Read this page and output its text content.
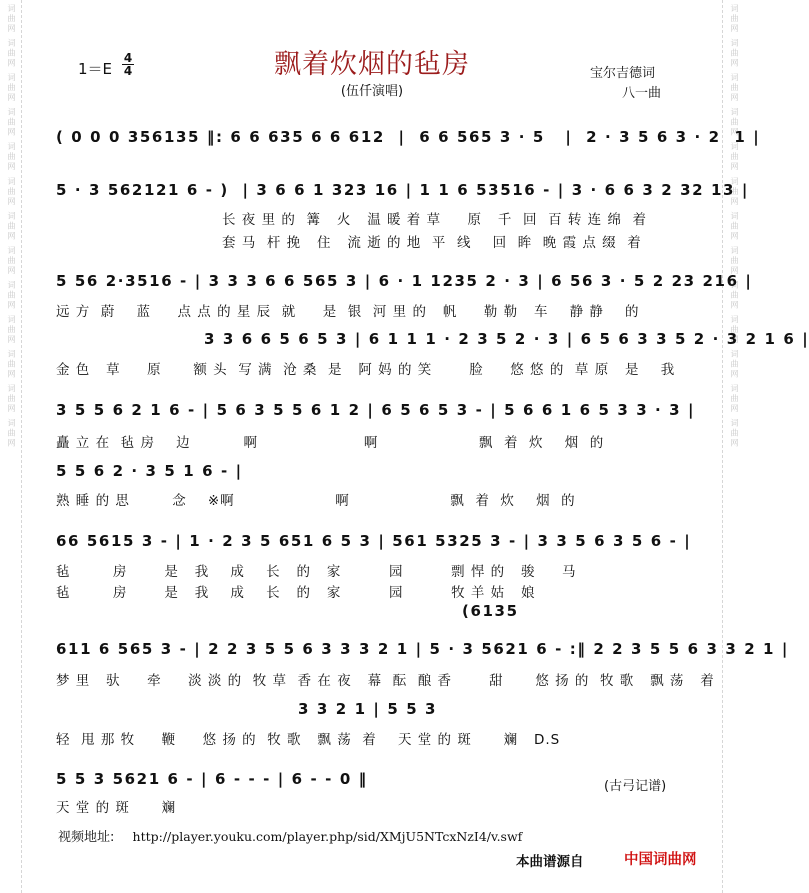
词曲网 词曲网 词曲网 词曲网 词曲网 词曲网 词曲网 词曲网 词曲网 词曲网 词曲网 词曲网 词曲网	词曲网 词曲网 词曲网 词曲网 词曲网 词曲网 词曲网 词曲网 词曲网 词曲网 词曲网 词曲网 词曲网
1＝E
4
4	飘着炊烟的毡房
(伍仟演唱)
宝尔吉德词
八一曲
( 0 0 0 356135 ‖: 6 6 635 6 6 612  |  6 6 565 3 · 5   |  2 · 3 5 6 3 · 2  1 |
5 · 3 562121 6 - )  | 3 6 6 1 323 16 | 1 1 6 53516 - | 3 · 6 6 3 2 32 13 |
长 夜 里 的  篝   火   温 暖 着 草     原   千  回  百 转 连 绵  着
套 马  杆 挽   住   流 逝 的 地  平  线    回  眸  晚 霞 点 缀  着
5 56 2·3516 - | 3 3 3 6 6 565 3 | 6 · 1 1235 2 · 3 | 6 56 3 · 5 2 23 216 |
远 方  蔚    蓝     点 点 的 星 辰  就     是  银  河 里 的   帆     勒 勒   车    静 静    的
3 3 6 6 5 6 5 3 | 6 1 1 1 · 2 3 5 2 · 3 | 6 5 6 3 3 5 2 · 3 2 1 6 |
金 色   草     原      额 头  写 满  沧 桑  是   阿 妈 的 笑       脸     悠 悠 的  草 原   是    我
3 5 5 6 2 1 6 - | 5 6 3 5 5 6 1 2 | 6 5 6 5 3 - | 5 6 6 1 6 5 3 3 · 3 |
矗 立 在  毡 房    边          啊                    啊                   飘  着  炊    烟  的
5 5 6 2 · 3 5 1 6 - |
熟 睡 的 思        念    ※啊                   啊                   飘  着  炊    烟  的
66 5615 3 - | 1 · 2 3 5 651 6 5 3 | 561 5325 3 - | 3 3 5 6 3 5 6 - |
毡        房       是   我    成    长   的   家         园         剽 悍 的   骏     马
毡        房       是   我    成    长   的   家         园         牧 羊 姑   娘
(6135
611 6 565 3 - | 2 2 3 5 5 6 3 3 3 2 1 | 5 · 3 5621 6 - :‖ 2 2 3 5 5 6 3 3 2 1 |
梦 里   驮     牵     淡 淡 的  牧 草  香 在 夜   幕  酝  酿 香       甜      悠 扬 的  牧 歌   飘 荡   着
3 3 2 1 | 5 5 3
轻  甩 那 牧     鞭     悠 扬 的  牧 歌   飘 荡  着    天 堂 的 斑      斓   D.S
5 5 3 5621 6 - | 6 - - - | 6 - - 0 ‖
天 堂 的 斑      斓
(古弓记谱)
视频地址: http://player.youku.com/player.php/sid/XMjU5NTcxNzI4/v.swf
本曲谱源自	中国词曲网
